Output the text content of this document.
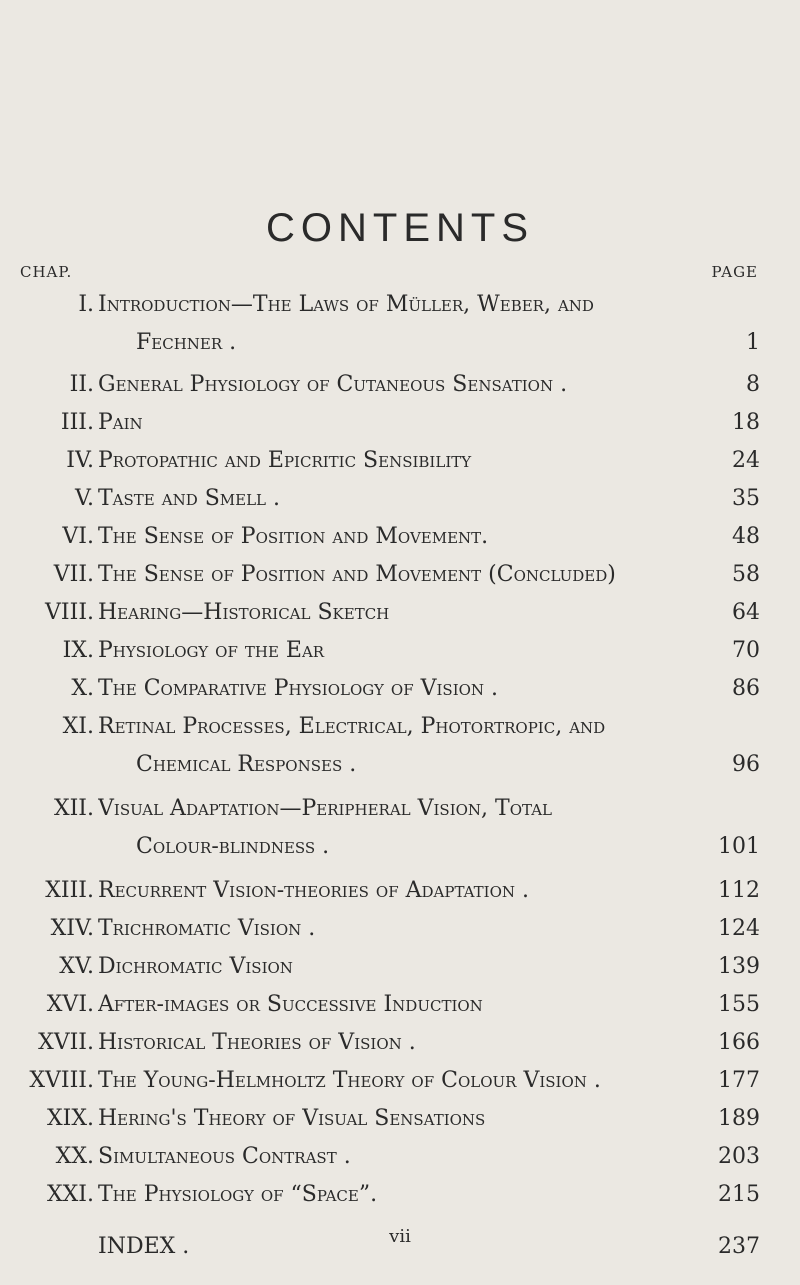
CONTENTS
CHAP.	PAGE
I. Introduction—The Laws of Müller, Weber, and
Fechner .	1
II. General Physiology of Cutaneous Sensation .	8
III. Pain	18
IV. Protopathic and Epicritic Sensibility	24
V. Taste and Smell .	35
VI. The Sense of Position and Movement.	48
VII. The Sense of Position and Movement (Concluded)	58
VIII. Hearing—Historical Sketch	64
IX. Physiology of the Ear	70
X. The Comparative Physiology of Vision .	86
XI. Retinal Processes, Electrical, Photortropic, and
Chemical Responses .	96
XII. Visual Adaptation—Peripheral Vision, Total
Colour-blindness .	101
XIII. Recurrent Vision-theories of Adaptation .	112
XIV. Trichromatic Vision .	124
XV. Dichromatic Vision	139
XVI. After-images or Successive Induction	155
XVII. Historical Theories of Vision .	166
XVIII. The Young-Helmholtz Theory of Colour Vision .	177
XIX. Hering's Theory of Visual Sensations	189
XX. Simultaneous Contrast .	203
XXI. The Physiology of “Space”.	215
INDEX .	237
vii
